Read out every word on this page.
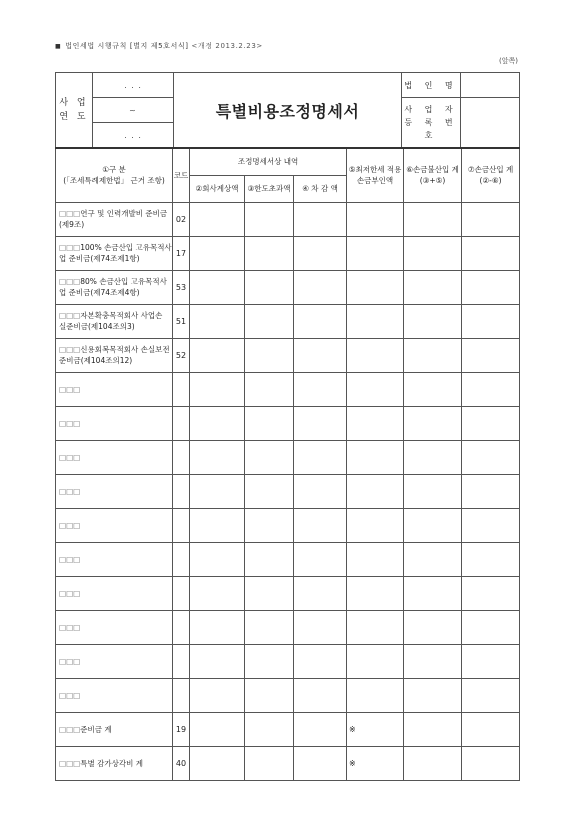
■ 법인세법 시행규칙 [별지 제5호서식] <개정 2013.2.23>
(앞쪽)
사 업
연 도	. . .	특별비용조정명세서	법 인 명	
	~		사 업 자
등 록 번 호	
	. . .			
①구 분
(「조세특례제한법」 근거 조항)	코드	조정명세서상 내역			⑤최저한세 적용 손금부인액	⑥손금불산입 계 (③+⑤)	⑦손금산입 계 (②-⑥)
		②회사계상액	③한도초과액	④ 차 감 액			
□□□연구 및 인력개발비 준비금
(제9조)	02						
□□□100% 손금산입 고유목적사
업 준비금(제74조제1항)	17						
□□□80% 손금산입 고유목적사
업 준비금(제74조제4항)	53						
□□□자본확충목적회사 사업손
실준비금(제104조의3)	51						
□□□신용회복목적회사 손실보전
준비금(제104조의12)	52						
□□□							
□□□							
□□□							
□□□							
□□□							
□□□							
□□□							
□□□							
□□□							
□□□							
□□□준비금 계	19				※		
□□□특별 감가상각비 계	40				※		
